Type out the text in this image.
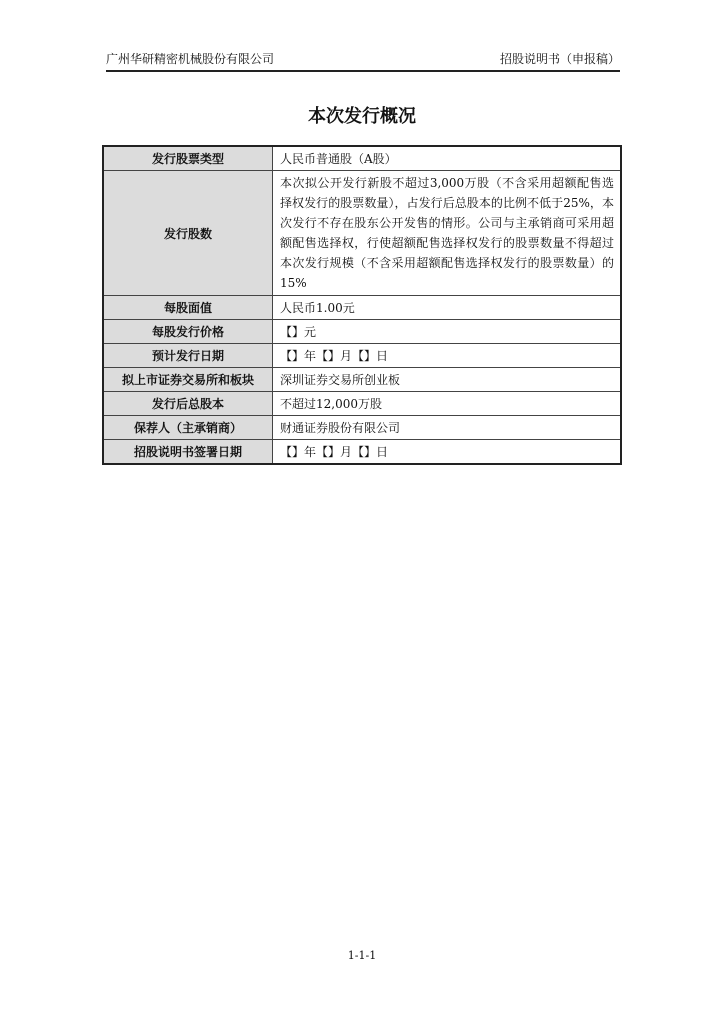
广州华研精密机械股份有限公司	招股说明书（申报稿）
本次发行概况
发行股票类型	人民币普通股（A股）
发行股数	本次拟公开发行新股不超过3,000万股（不含采用超额配售选择权发行的股票数量），占发行后总股本的比例不低于25%，本次发行不存在股东公开发售的情形。公司与主承销商可采用超额配售选择权，行使超额配售选择权发行的股票数量不得超过本次发行规模（不含采用超额配售选择权发行的股票数量）的15%
每股面值	人民币1.00元
每股发行价格	【】元
预计发行日期	【】年【】月【】日
拟上市证券交易所和板块	深圳证券交易所创业板
发行后总股本	不超过12,000万股
保荐人（主承销商）	财通证券股份有限公司
招股说明书签署日期	【】年【】月【】日
1-1-1
